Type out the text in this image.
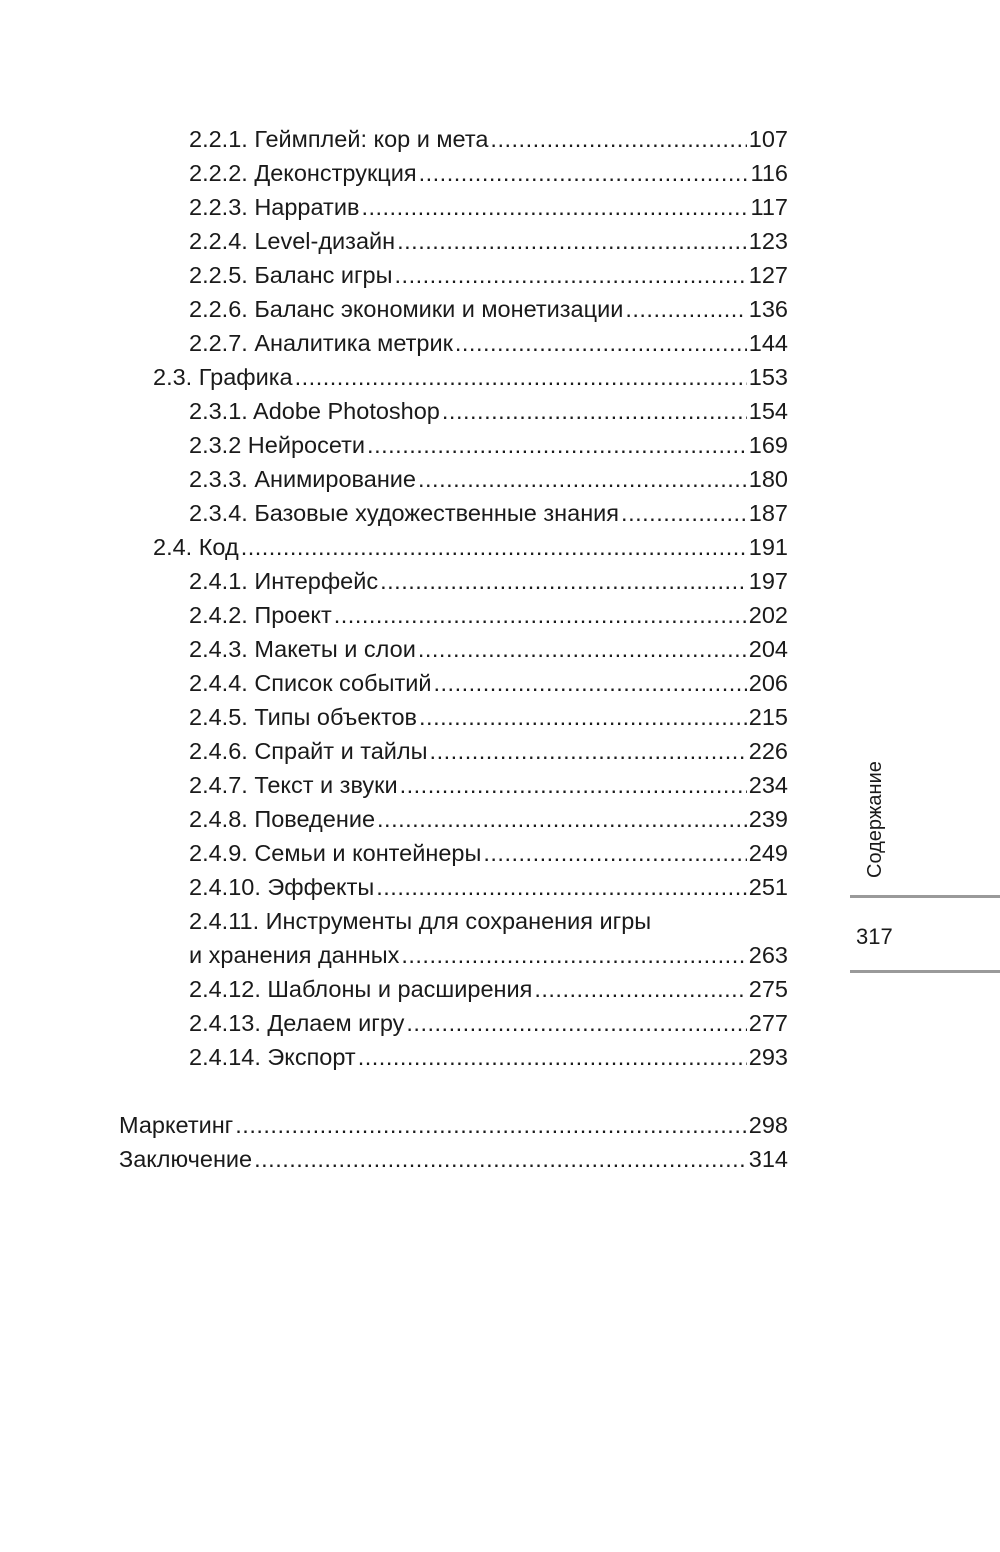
2.2.1. Геймплей: кор и мета .....	107
2.2.2. Деконструкция .....	116
2.2.3. Нарратив .....	117
2.2.4. Level-дизайн .....	123
2.2.5. Баланс игры .....	127
2.2.6. Баланс экономики и монетизации .....	136
2.2.7. Аналитика метрик .....	144
2.3. Графика .....	153
2.3.1. Adobe Photoshop .....	154
2.3.2 Нейросети .....	169
2.3.3. Анимирование .....	180
2.3.4. Базовые художественные знания .....	187
2.4. Код .....	191
2.4.1. Интерфейс .....	197
2.4.2. Проект .....	202
2.4.3. Макеты и слои .....	204
2.4.4. Список событий .....	206
2.4.5. Типы объектов .....	215
2.4.6. Спрайт и тайлы .....	226
2.4.7. Текст и звуки .....	234
2.4.8. Поведение .....	239
2.4.9. Семьи и контейнеры .....	249
2.4.10. Эффекты .....	251
2.4.11. Инструменты для сохранения игры
и хранения данных .....	263
2.4.12. Шаблоны и расширения .....	275
2.4.13. Делаем игру .....	277
2.4.14. Экспорт .....	293
Маркетинг .....	298
Заключение .....	314
Содержание
317
